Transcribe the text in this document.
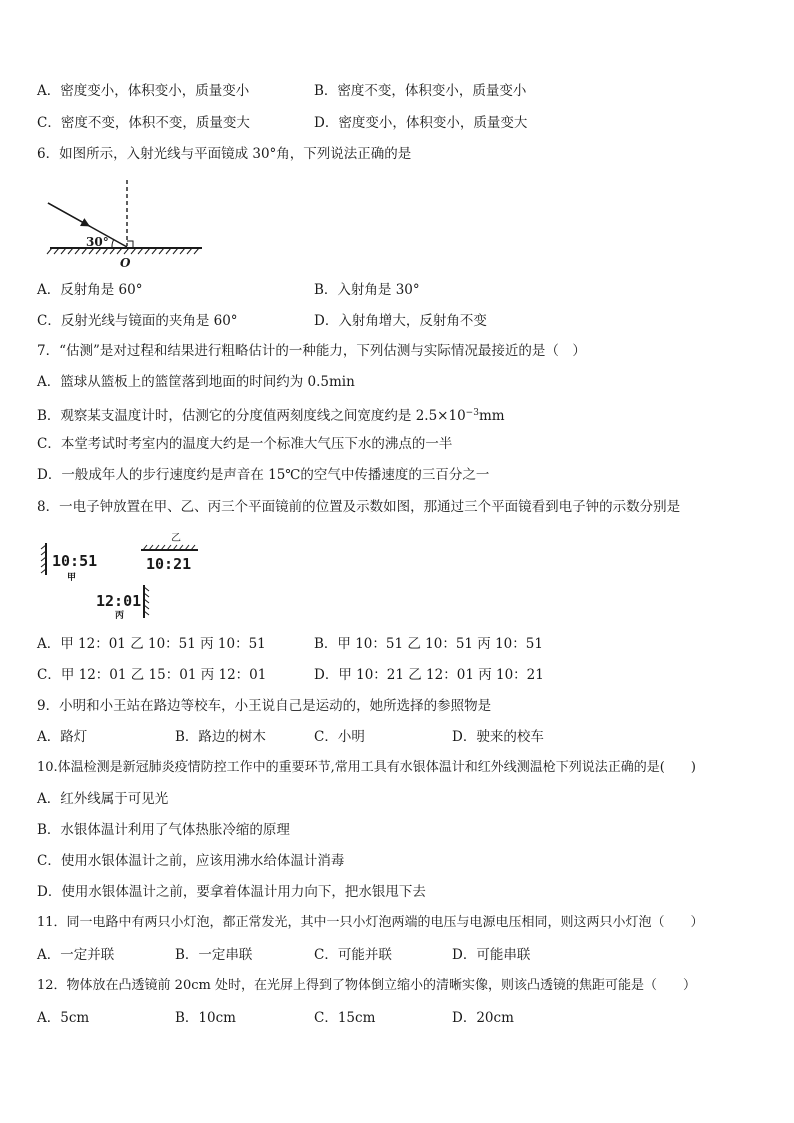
A．密度变小，体积变小，质量变小	B．密度不变，体积变小，质量变小
C．密度不变，体积不变，质量变大	D．密度变小，体积变小，质量变大
6．如图所示，入射光线与平面镜成 30°角，下列说法正确的是
30°
O
A．反射角是 60°	B．入射角是 30°
C．反射光线与镜面的夹角是 60°	D．入射角增大，反射角不变
7．“估测”是对过程和结果进行粗略估计的一种能力，下列估测与实际情况最接近的是（　）
A．篮球从篮板上的篮筐落到地面的时间约为 0.5min
B．观察某支温度计时，估测它的分度值两刻度线之间宽度约是 $2.5\times 10^{-3}mm$
C．本堂考试时考室内的温度大约是一个标准大气压下水的沸点的一半
D．一般成年人的步行速度约是声音在 15℃的空气中传播速度的三百分之一
8．一电子钟放置在甲、乙、丙三个平面镜前的位置及示数如图，那通过三个平面镜看到电子钟的示数分别是
10:51
甲
乙
10:21
12:01
丙
A．甲 12：01 乙 10：51 丙 10：51	B．甲 10：51 乙 10：51 丙 10：51
C．甲 12：01 乙 15：01 丙 12：01	D．甲 10：21 乙 12：01 丙 10：21
9．小明和小王站在路边等校车，小王说自己是运动的，她所选择的参照物是
A．路灯	B．路边的树木	C．小明	D．驶来的校车
10.体温检测是新冠肺炎疫情防控工作中的重要环节,常用工具有水银体温计和红外线测温枪下列说法正确的是(　　)
A．红外线属于可见光
B．水银体温计利用了气体热胀冷缩的原理
C．使用水银体温计之前，应该用沸水给体温计消毒
D．使用水银体温计之前，要拿着体温计用力向下，把水银甩下去
11．同一电路中有两只小灯泡，都正常发光，其中一只小灯泡两端的电压与电源电压相同，则这两只小灯泡（　　）
A．一定并联	B．一定串联	C．可能并联	D．可能串联
12．物体放在凸透镜前 20cm 处时，在光屏上得到了物体倒立缩小的清晰实像，则该凸透镜的焦距可能是（　　）
A．5cm	B．10cm	C．15cm	D．20cm
